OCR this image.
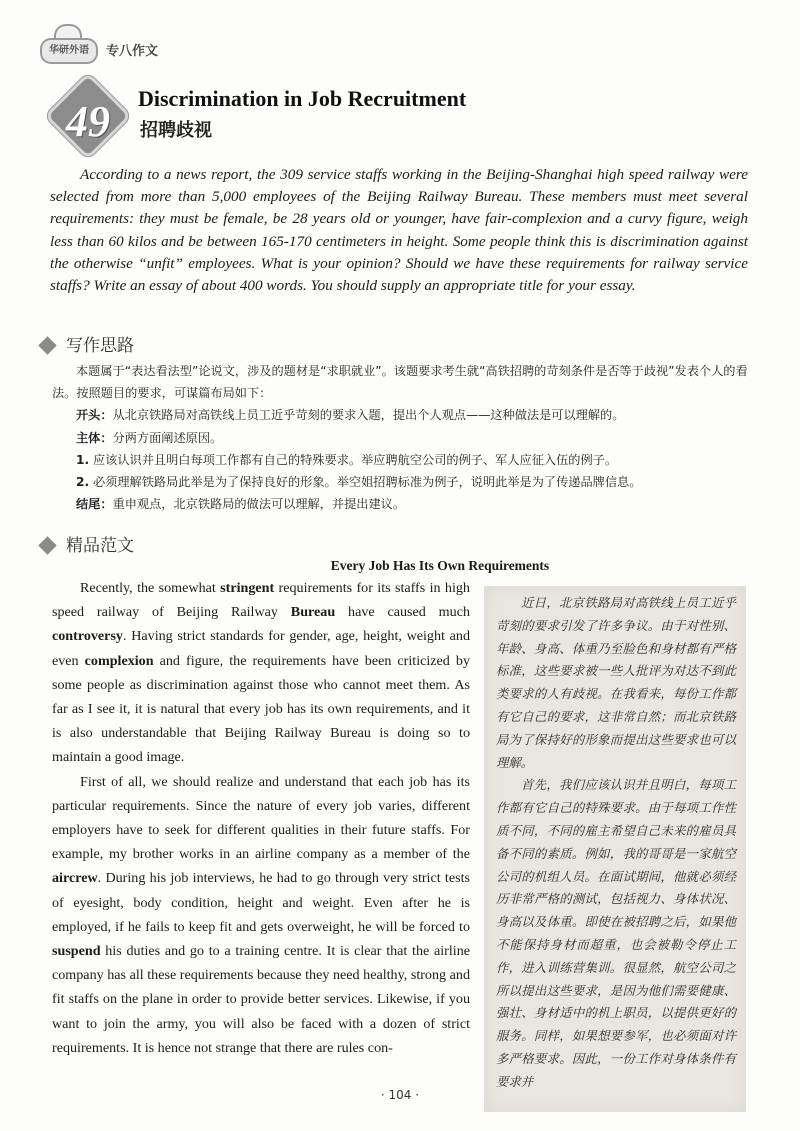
华研外语	专八作文
49	Discrimination in Job Recruitment
招聘歧视
According to a news report, the 309 service staffs working in the Beijing-Shanghai high speed railway were selected from more than 5,000 employees of the Beijing Railway Bureau. These members must meet several requirements: they must be female, be 28 years old or younger, have fair-complexion and a curvy figure, weigh less than 60 kilos and be between 165-170 centimeters in height. Some people think this is discrimination against the otherwise “unfit” employees. What is your opinion? Should we have these requirements for railway service staffs? Write an essay of about 400 words. You should supply an appropriate title for your essay.
写作思路

本题属于“表达看法型”论说文，涉及的题材是“求职就业”。该题要求考生就“高铁招聘的苛刻条件是否等于歧视”发表个人的看法。按照题目的要求，可谋篇布局如下：

开头：从北京铁路局对高铁线上员工近乎苛刻的要求入题，提出个人观点——这种做法是可以理解的。

主体：分两方面阐述原因。

1. 应该认识并且明白每项工作都有自己的特殊要求。举应聘航空公司的例子、军人应征入伍的例子。

2. 必须理解铁路局此举是为了保持良好的形象。举空姐招聘标准为例子，说明此举是为了传递品牌信息。

结尾：重申观点，北京铁路局的做法可以理解，并提出建议。

精品范文
Every Job Has Its Own Requirements

Recently, the somewhat stringent requirements for its staffs in high speed railway of Beijing Railway Bureau have caused much controversy. Having strict standards for gender, age, height, weight and even complexion and figure, the requirements have been criticized by some people as discrimination against those who cannot meet them. As far as I see it, it is natural that every job has its own requirements, and it is also understandable that Beijing Railway Bureau is doing so to maintain a good image.

First of all, we should realize and understand that each job has its particular requirements. Since the nature of every job varies, different employers have to seek for different qualities in their future staffs. For example, my brother works in an airline company as a member of the aircrew. During his job interviews, he had to go through very strict tests of eyesight, body condition, height and weight. Even after he is employed, if he fails to keep fit and gets overweight, he will be forced to suspend his duties and go to a training centre. It is clear that the airline company has all these requirements because they need healthy, strong and fit staffs on the plane in order to provide better services. Likewise, if you want to join the army, you will also be faced with a dozen of strict requirements. It is hence not strange that there are rules con-

近日，北京铁路局对高铁线上员工近乎苛刻的要求引发了许多争议。由于对性别、年龄、身高、体重乃至脸色和身材都有严格标准，这些要求被一些人批评为对达不到此类要求的人有歧视。在我看来，每份工作都有它自己的要求，这非常自然；而北京铁路局为了保持好的形象而提出这些要求也可以理解。

首先，我们应该认识并且明白，每项工作都有它自己的特殊要求。由于每项工作性质不同，不同的雇主希望自己未来的雇员具备不同的素质。例如，我的哥哥是一家航空公司的机组人员。在面试期间，他就必须经历非常严格的测试，包括视力、身体状况、身高以及体重。即使在被招聘之后，如果他不能保持身材而超重，也会被勒令停止工作，进入训练营集训。很显然，航空公司之所以提出这些要求，是因为他们需要健康、强壮、身材适中的机上职员，以提供更好的服务。同样，如果想要参军，也必须面对许多严格要求。因此，一份工作对身体条件有要求并

· 104 ·
